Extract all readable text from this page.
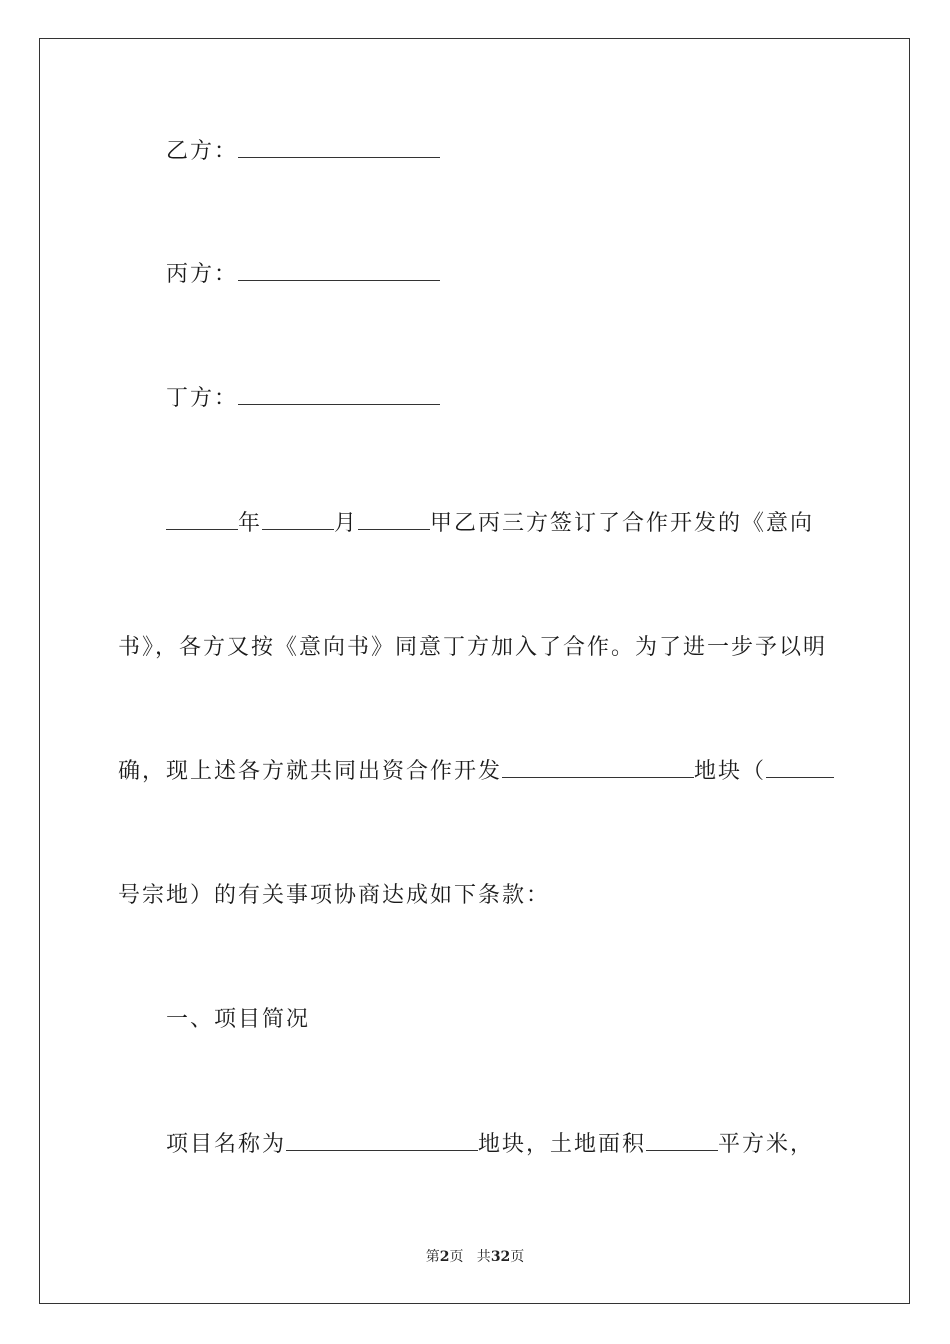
乙方：
丙方：
丁方：
年	月	甲乙丙三方签订了合作开发的《意向
书》，各方又按《意向书》同意丁方加入了合作。为了进一步予以明
确，现上述各方就共同出资合作开发	地块（
号宗地）的有关事项协商达成如下条款：
一、项目简况
项目名称为	地块，土地面积	平方米，
第2页   共32页
